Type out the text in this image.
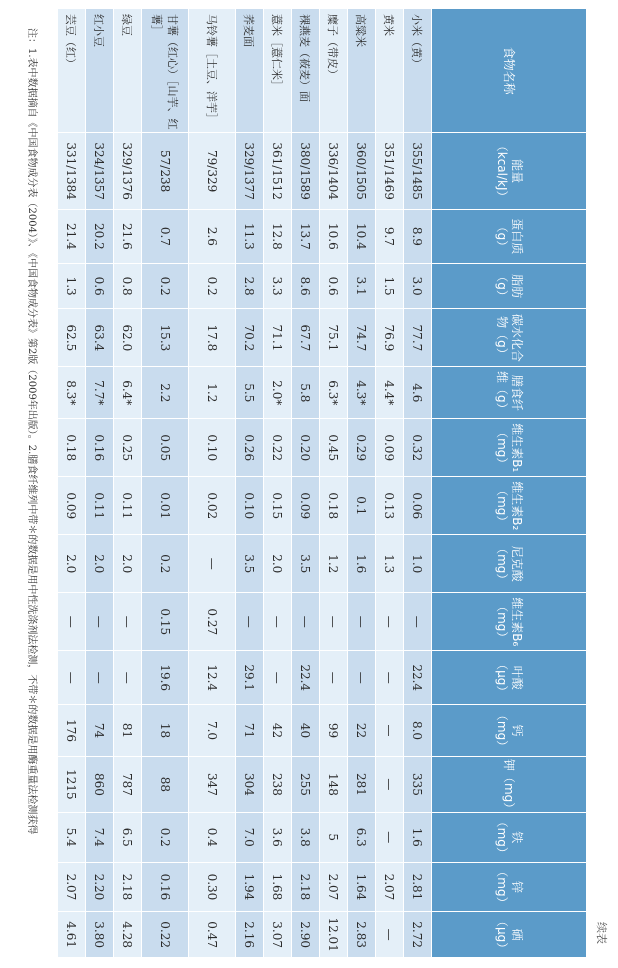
续表
食物名称	能量（kcal/kJ）	蛋白质（g）	脂肪（g）	碳水化合物（g）	膳食纤维（g）	维生素B₁（mg）	维生素B₂（mg）	尼克酸（mg）	维生素B₆（mg）	叶酸（μg）	钙（mg）	钾（mg）	铁（mg）	锌（mg）	硒（μg）
小米（黄）	355/1485	8.9	3.0	77.7	4.6	0.32	0.06	1.0	—	22.4	8.0	335	1.6	2.81	2.72
黄米	351/1469	9.7	1.5	76.9	4.4*	0.09	0.13	1.3	—	—	—	—	—	2.07	—
高粱米	360/1505	10.4	3.1	74.7	4.3*	0.29	0.1	1.6	—	—	22	281	6.3	1.64	2.83
糜子（带皮）	336/1404	10.6	0.6	75.1	6.3*	0.45	0.18	1.2	—	—	99	148	5	2.07	12.01
裸燕麦（莜麦）面	380/1589	13.7	8.6	67.7	5.8	0.20	0.09	3.5	—	22.4	40	255	3.8	2.18	2.90
薏米［薏仁米］	361/1512	12.8	3.3	71.1	2.0*	0.22	0.15	2.0	—	—	42	238	3.6	1.68	3.07
荞麦面	329/1377	11.3	2.8	70.2	5.5	0.26	0.10	3.5	—	29.1	71	304	7.0	1.94	2.16
马铃薯［土豆、洋芋］	79/329	2.6	0.2	17.8	1.2	0.10	0.02	—	0.27	12.4	7.0	347	0.4	0.30	0.47
甘薯（红心）［山芋、红薯］	57/238	0.7	0.2	15.3	2.2	0.05	0.01	0.2	0.15	19.6	18	88	0.2	0.16	0.22
绿豆	329/1376	21.6	0.8	62.0	6.4*	0.25	0.11	2.0	—	—	81	787	6.5	2.18	4.28
红小豆	324/1357	20.2	0.6	63.4	7.7*	0.16	0.11	2.0	—	—	74	860	7.4	2.20	3.80
芸豆（红）	331/1384	21.4	1.3	62.5	8.3*	0.18	0.09	2.0	—	—	176	1215	5.4	2.07	4.61
注：1.表中数据摘自《中国食物成分表（2004）》、《中国食物成分表》第2版（2009年出版）。2.膳食纤维列中带＊的数据是用中性洗涤剂法检测，不带＊的数据是用酶重量法检测获得
